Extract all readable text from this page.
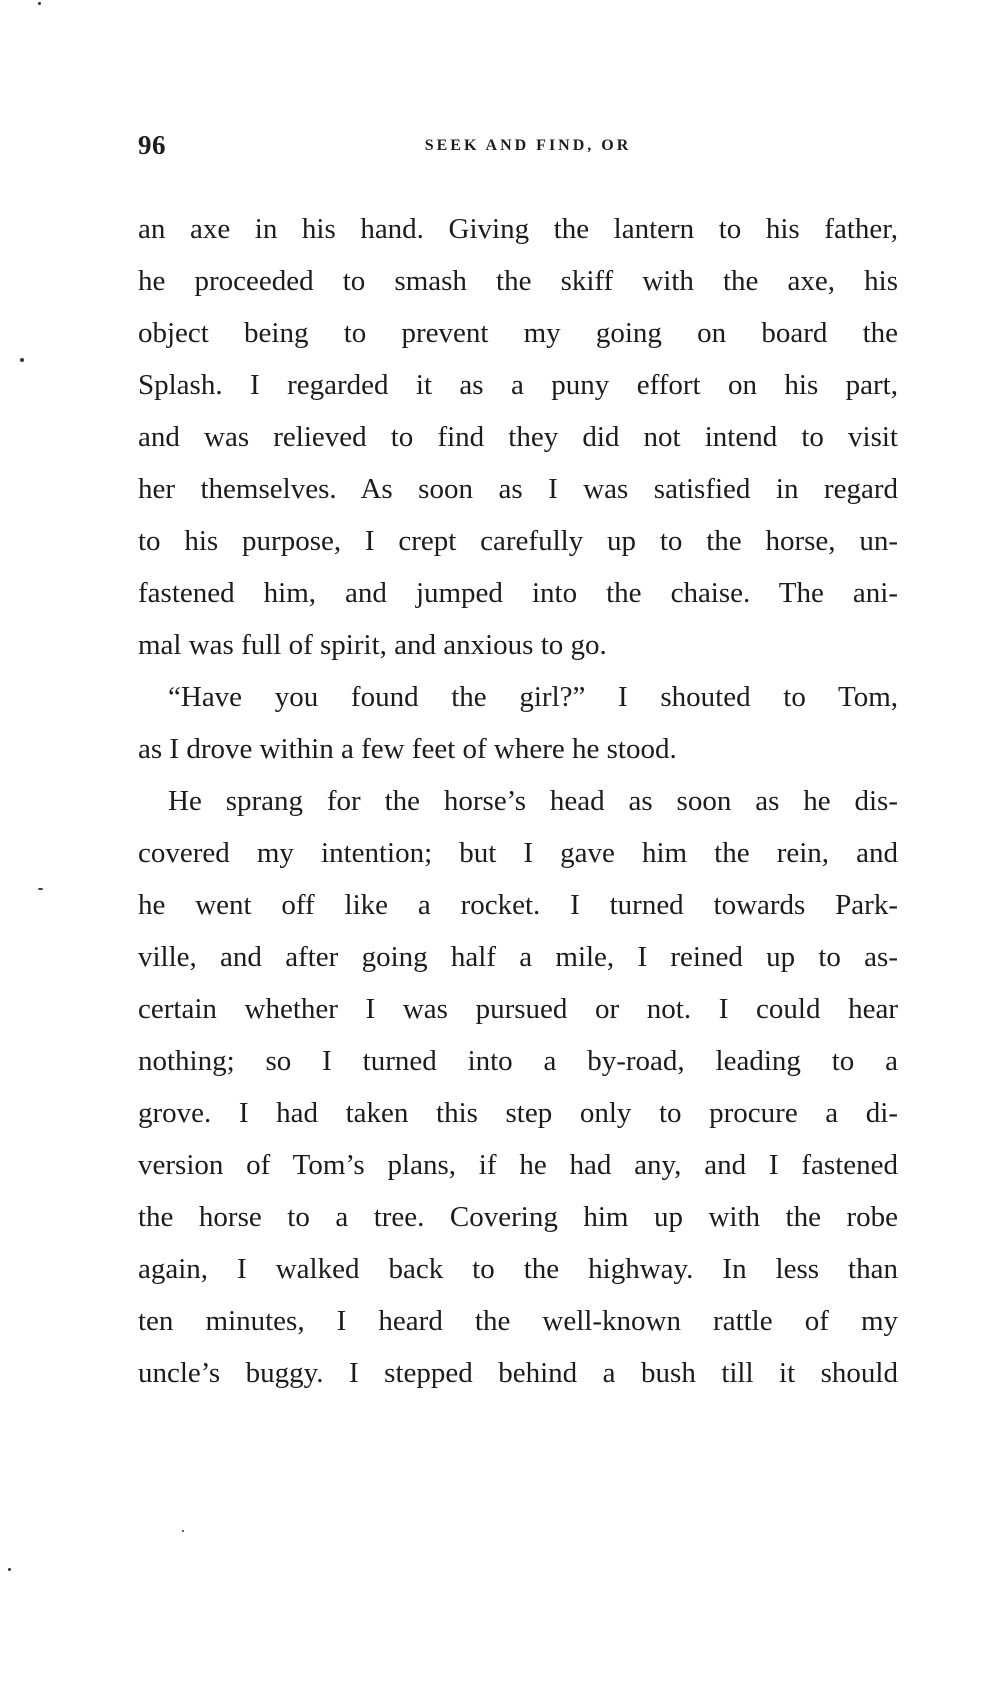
96	SEEK AND FIND, OR
an axe in his hand. Giving the lantern to his father,
he proceeded to smash the skiff with the axe, his
object being to prevent my going on board the
Splash. I regarded it as a puny effort on his part,
and was relieved to find they did not intend to visit
her themselves. As soon as I was satisfied in regard
to his purpose, I crept carefully up to the horse, un-
fastened him, and jumped into the chaise. The ani-
mal was full of spirit, and anxious to go.
“Have you found the girl?” I shouted to Tom,
as I drove within a few feet of where he stood.
He sprang for the horse’s head as soon as he dis-
covered my intention; but I gave him the rein, and
he went off like a rocket. I turned towards Park-
ville, and after going half a mile, I reined up to as-
certain whether I was pursued or not. I could hear
nothing; so I turned into a by-road, leading to a
grove. I had taken this step only to procure a di-
version of Tom’s plans, if he had any, and I fastened
the horse to a tree. Covering him up with the robe
again, I walked back to the highway. In less than
ten minutes, I heard the well-known rattle of my
uncle’s buggy. I stepped behind a bush till it should
